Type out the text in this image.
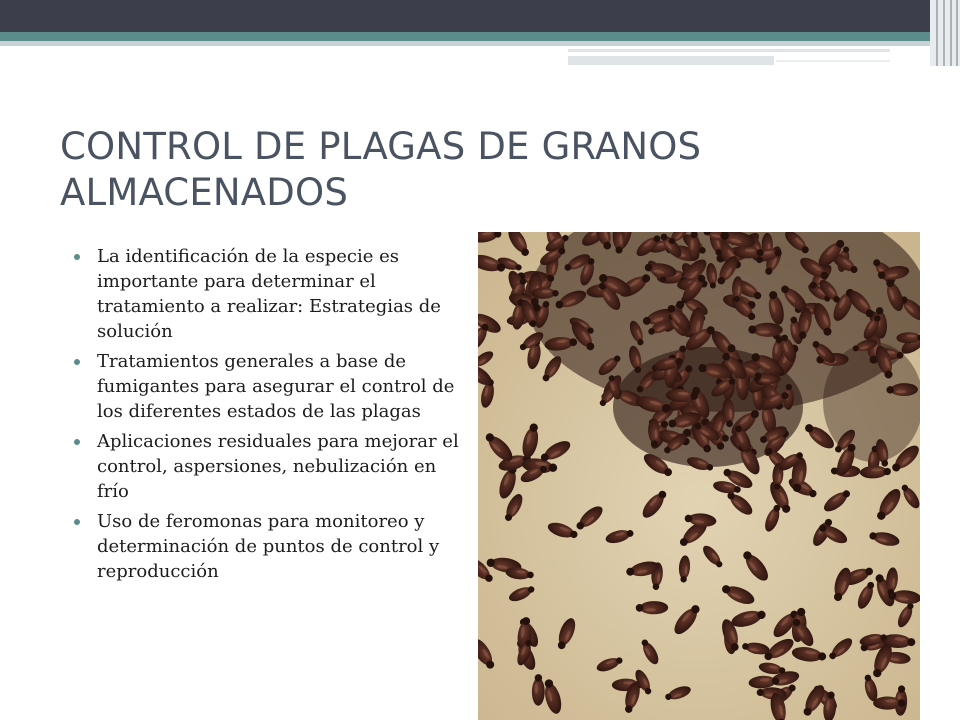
CONTROL DE PLAGAS DE GRANOS ALMACENADOS
La identificación de la especie es importante para determinar el tratamiento a realizar: Estrategias de solución
Tratamientos generales a base de fumigantes para asegurar el control de los diferentes estados de las plagas
Aplicaciones residuales para mejorar el control, aspersiones, nebulización en frío
Uso de feromonas para monitoreo y determinación de puntos de control y reproducción
